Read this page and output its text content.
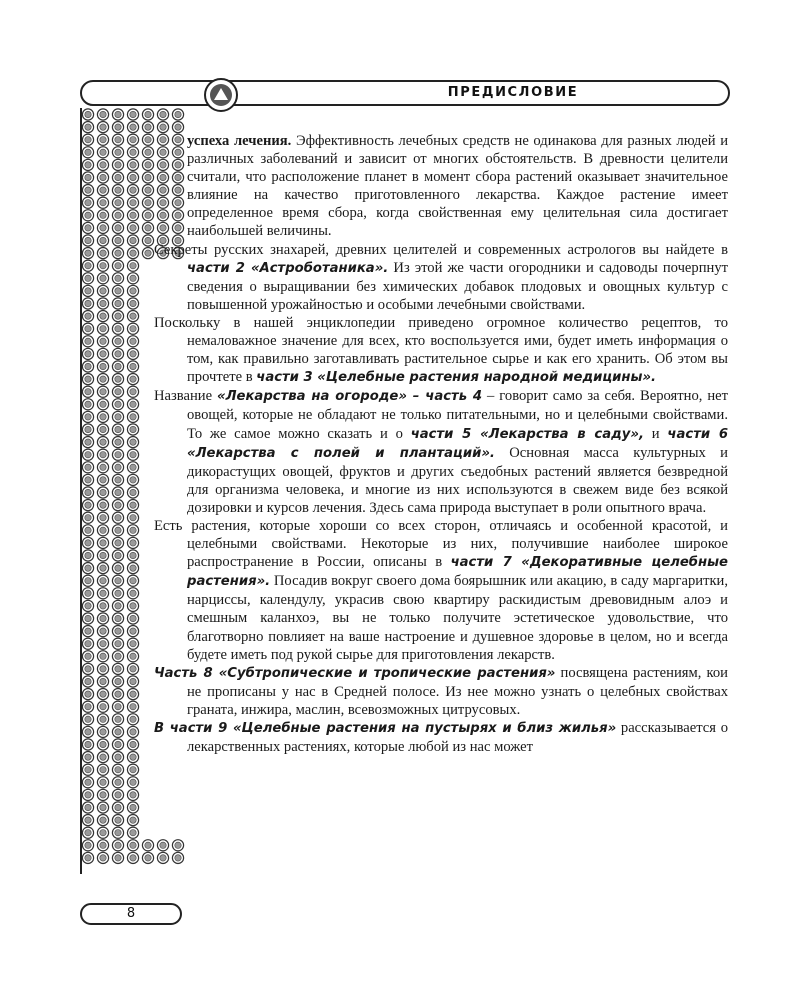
ПРЕДИСЛОВИЕ

успеха лечения. Эффективность лечебных средств не одинакова для разных людей и различных заболеваний и зависит от многих обстоятельств. В древности целители считали, что расположение планет в момент сбора растений оказывает значительное влияние на качество приготовленного лекарства. Каждое растение имеет определенное время сбора, когда свойственная ему целительная сила достигает наибольшей величины.

Секреты русских знахарей, древних целителей и современных астрологов вы найдете в части 2 «Астроботаника». Из этой же части огородники и садоводы почерпнут сведения о выращивании без химических добавок плодовых и овощных культур с повышенной урожайностью и особыми лечебными свойствами.

Поскольку в нашей энциклопедии приведено огромное количество рецептов, то немаловажное значение для всех, кто воспользуется ими, будет иметь информация о том, как правильно заготавливать растительное сырье и как его хранить. Об этом вы прочтете в части 3 «Целебные растения народной медицины».

Название «Лекарства на огороде» – часть 4 – говорит само за себя. Вероятно, нет овощей, которые не обладают не только питательными, но и целебными свойствами. То же самое можно сказать и о части 5 «Лекарства в саду», и части 6 «Лекарства с полей и плантаций». Основная масса культурных и дикорастущих овощей, фруктов и других съедобных растений является безвредной для организма человека, и многие из них используются в свежем виде без всякой дозировки и курсов лечения. Здесь сама природа выступает в роли опытного врача.

Есть растения, которые хороши со всех сторон, отличаясь и особенной красотой, и целебными свойствами. Некоторые из них, получившие наиболее широкое распространение в России, описаны в части 7 «Декоративные целебные растения». Посадив вокруг своего дома боярышник или акацию, в саду маргаритки, нарциссы, календулу, украсив свою квартиру раскидистым древовидным алоэ и смешным каланхоэ, вы не только получите эстетическое удовольствие, что благотворно повлияет на ваше настроение и душевное здоровье в целом, но и всегда будете иметь под рукой сырье для приготовления лекарств.

Часть 8 «Субтропические и тропические растения» посвящена растениям, кои не прописаны у нас в Средней полосе. Из нее можно узнать о целебных свойствах граната, инжира, маслин, всевозможных цитрусовых.

В части 9 «Целебные растения на пустырях и близ жилья» рассказывается о лекарственных растениях, которые любой из нас может

8
